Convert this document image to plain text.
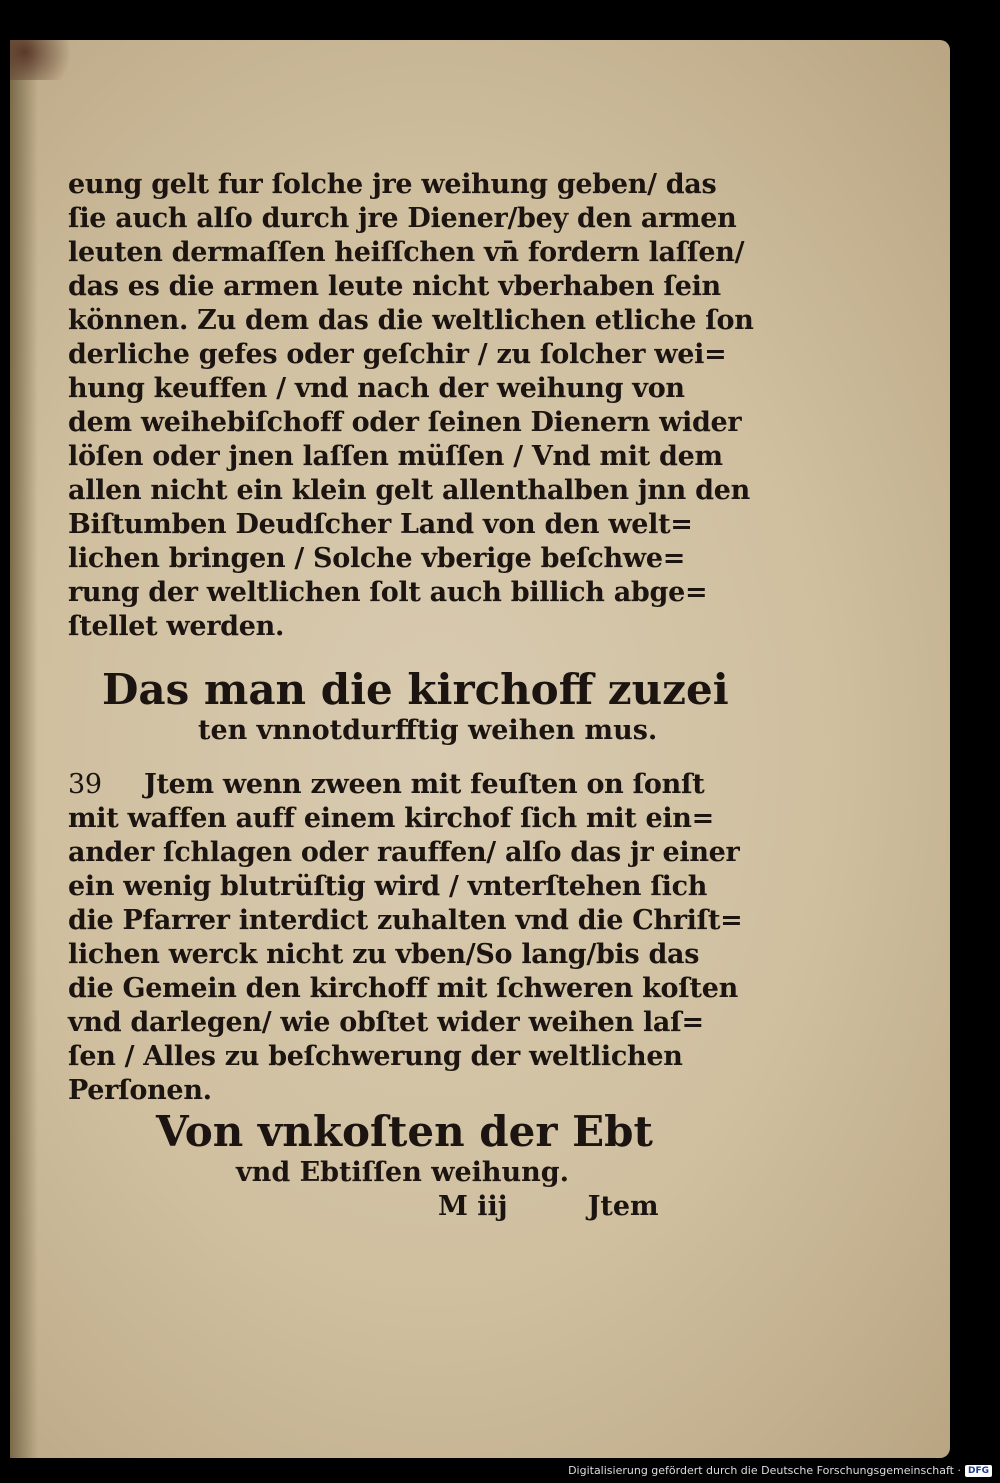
eung gelt fur ſolche jre weihung geben/ das
ſie auch alſo durch jre Diener/bey den armen
leuten dermaſſen heiſſchen vn̄ fordern laſſen/
das es die armen leute nicht vberhaben ſein
können. Zu dem das die weltlichen etliche ſon
derliche gefes oder geſchir / zu ſolcher wei=
hung keuffen / vnd nach der weihung von
dem weihebiſchoff oder ſeinen Dienern wider
löſen oder jnen laſſen müſſen / Vnd mit dem
allen nicht ein klein gelt allenthalben jnn den
Biſtumben Deudſcher Land von den welt=
lichen bringen / Solche vberige beſchwe=
rung der weltlichen ſolt auch billich abge=
ſtellet werden.
Das man die kirchoff zuzei
ten vnnotdurfftig weihen mus.
39 Jtem wenn zween mit feuſten on ſonſt
mit waffen auff einem kirchof ſich mit ein=
ander ſchlagen oder rauffen/ alſo das jr einer
ein wenig blutrüſtig wird / vnterſtehen ſich
die Pfarrer interdict zuhalten vnd die Chriſt=
lichen werck nicht zu vben/So lang/bis das
die Gemein den kirchoff mit ſchweren koſten
vnd darlegen/ wie obſtet wider weihen laſ=
ſen / Alles zu beſchwerung der weltlichen
Perſonen.
Von vnkoſten der Ebt
vnd Ebtiſſen weihung.
M iij	Jtem
Digitalisierung gefördert durch die Deutsche Forschungsgemeinschaft · DFG
